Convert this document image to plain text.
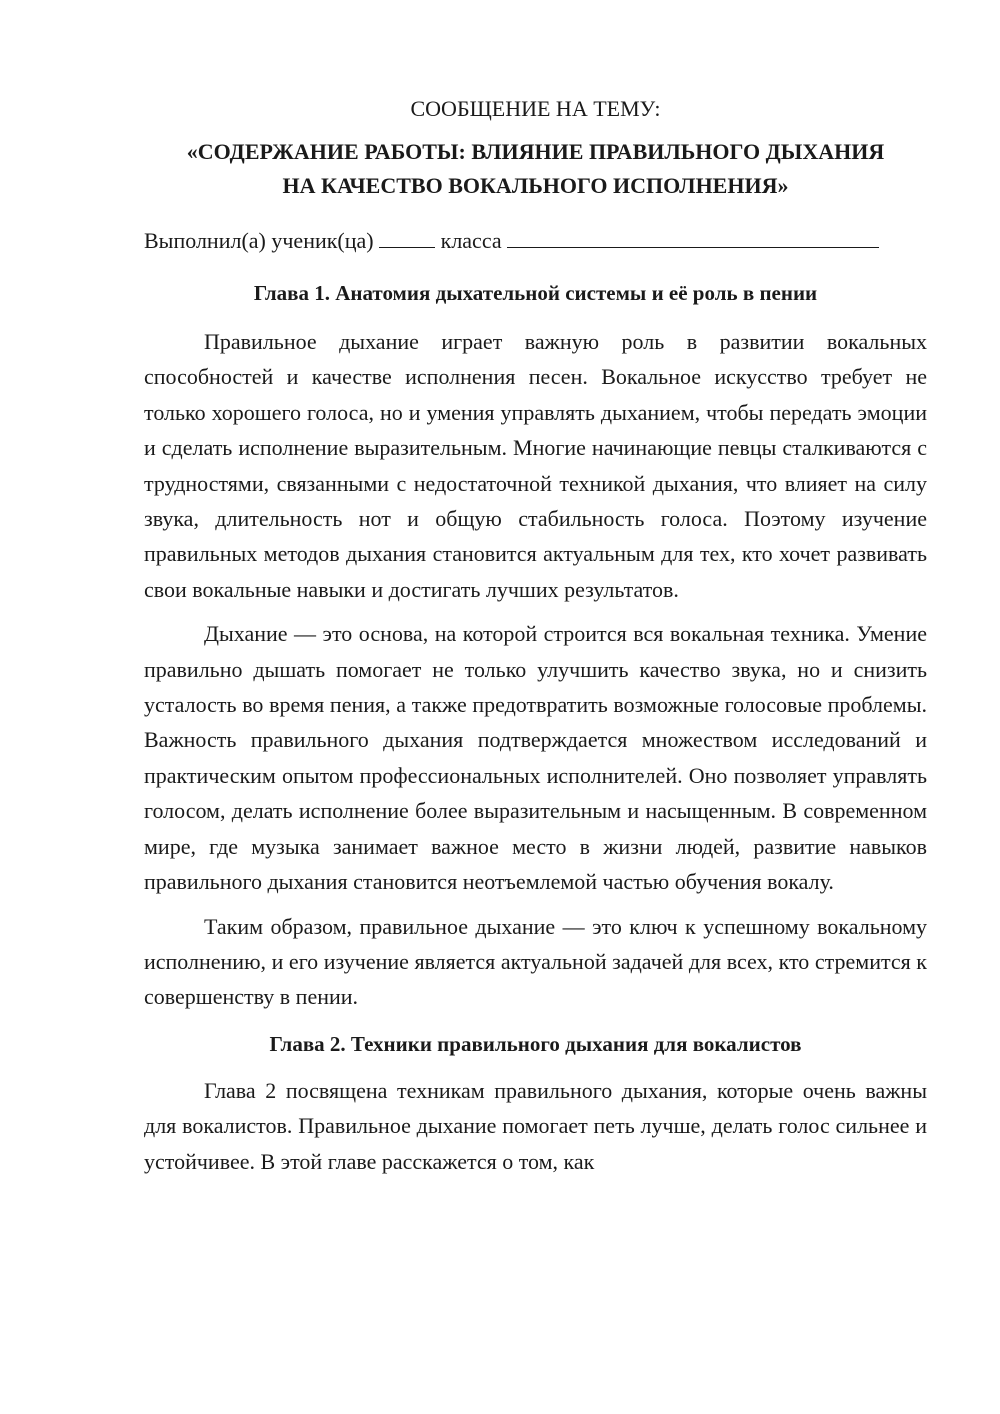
СООБЩЕНИЕ НА ТЕМУ:

«СОДЕРЖАНИЕ РАБОТЫ: ВЛИЯНИЕ ПРАВИЛЬНОГО ДЫХАНИЯ

НА КАЧЕСТВО ВОКАЛЬНОГО ИСПОЛНЕНИЯ»

Выполнил(а) ученик(ца)	класса

Глава 1. Анатомия дыхательной системы и её роль в пении

Правильное дыхание играет важную роль в развитии вокальных способностей и качестве исполнения песен. Вокальное искусство требует не только хорошего голоса, но и умения управлять дыханием, чтобы передать эмоции и сделать исполнение выразительным. Многие начинающие певцы сталкиваются с трудностями, связанными с недостаточной техникой дыхания, что влияет на силу звука, длительность нот и общую стабильность голоса. Поэтому изучение правильных методов дыхания становится актуальным для тех, кто хочет развивать свои вокальные навыки и достигать лучших результатов.

Дыхание — это основа, на которой строится вся вокальная техника. Умение правильно дышать помогает не только улучшить качество звука, но и снизить усталость во время пения, а также предотвратить возможные голосовые проблемы. Важность правильного дыхания подтверждается множеством исследований и практическим опытом профессиональных исполнителей. Оно позволяет управлять голосом, делать исполнение более выразительным и насыщенным. В современном мире, где музыка занимает важное место в жизни людей, развитие навыков правильного дыхания становится неотъемлемой частью обучения вокалу.

Таким образом, правильное дыхание — это ключ к успешному вокальному исполнению, и его изучение является актуальной задачей для всех, кто стремится к совершенству в пении.

Глава 2. Техники правильного дыхания для вокалистов

Глава 2 посвящена техникам правильного дыхания, которые очень важны для вокалистов. Правильное дыхание помогает петь лучше, делать голос сильнее и устойчивее. В этой главе расскажется о том, как
